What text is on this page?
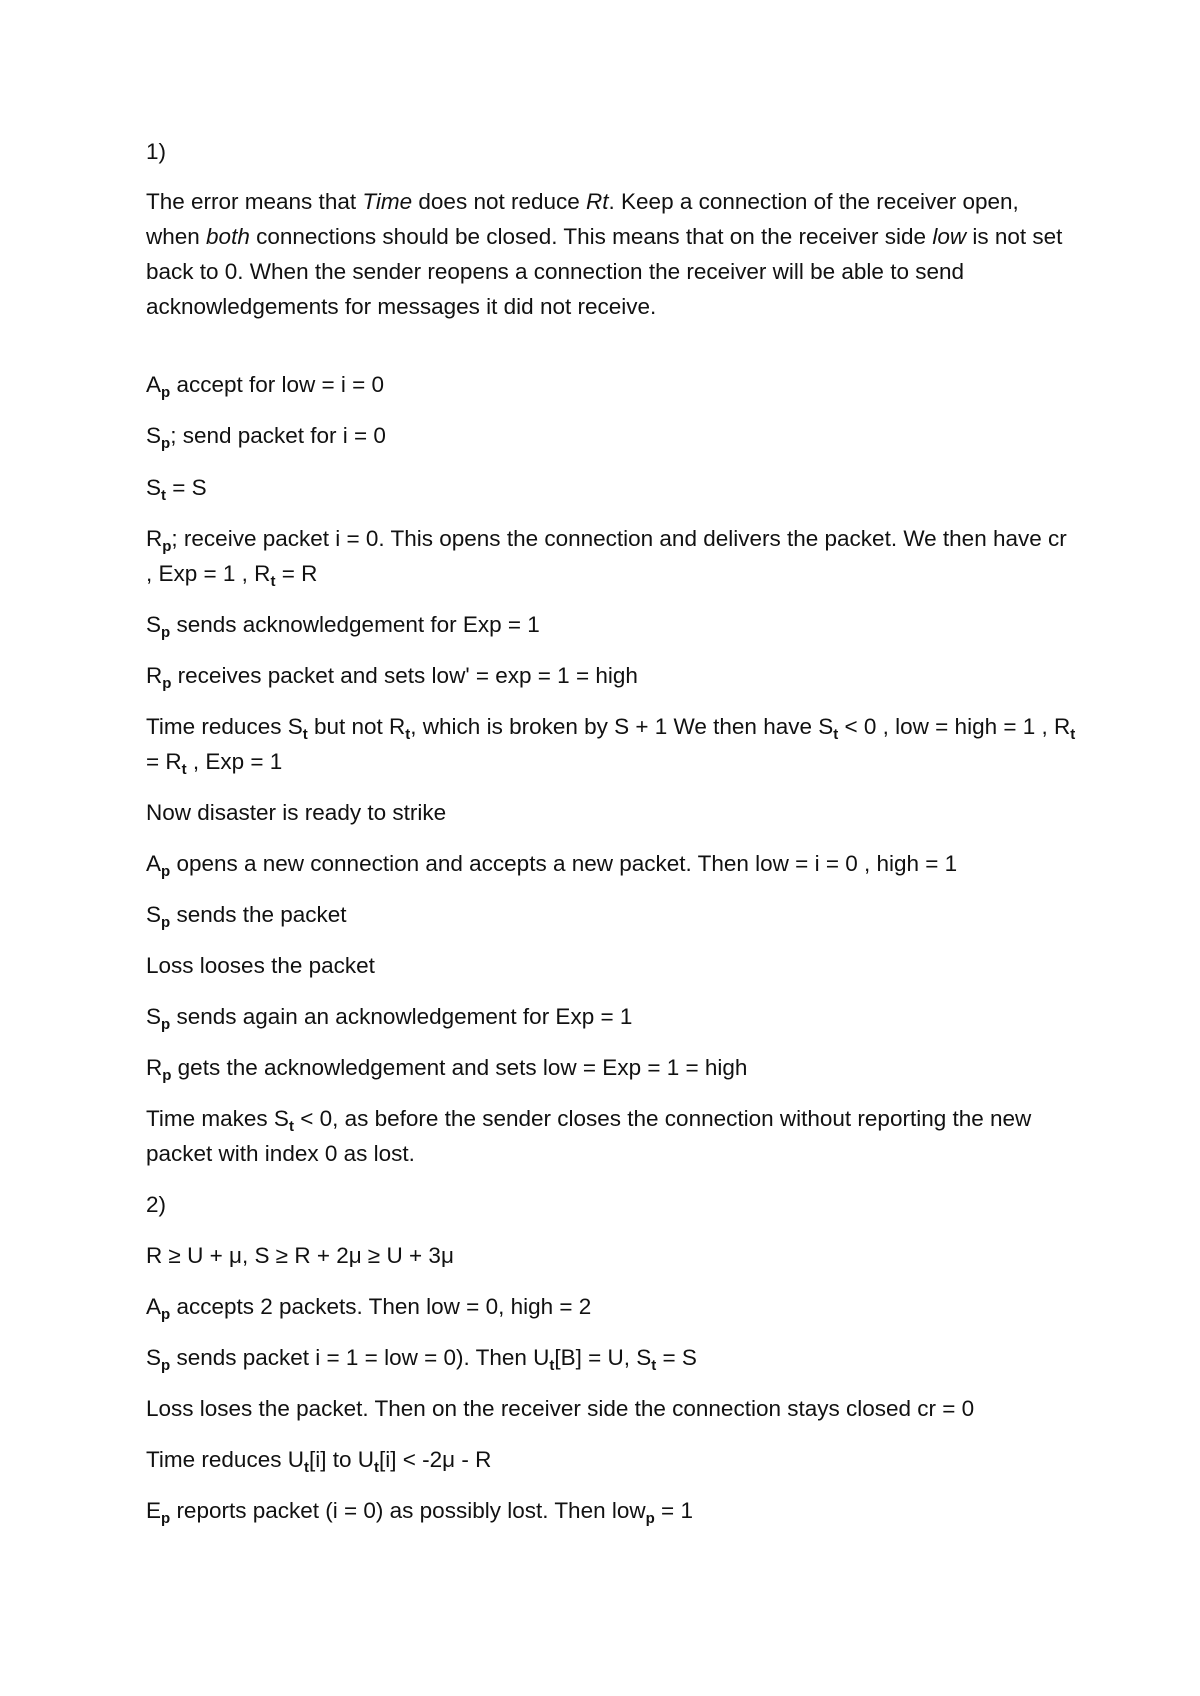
1)

The error means that Time does not reduce Rt. Keep a connection of the receiver open, when both connections should be closed. This means that on the receiver side low is not set back to 0. When the sender reopens a connection the receiver will be able to send acknowledgements for messages it did not receive.

$A_p$ accept for low = i = 0

$S_p$; send packet for i = 0

$S_t = S$

$R_p$; receive packet i = 0. This opens the connection and delivers the packet. We then have cr , Exp = 1 , $R_t = R$

$S_p$ sends acknowledgement for Exp = 1

$R_p$ receives packet and sets low' = exp = 1 = high

Time reduces $S_t$ but not $R_t$, which is broken by S + 1 We then have $S_t < 0$ , low = high = 1 , $R_t = R_t$ , Exp = 1

Now disaster is ready to strike

$A_p$ opens a new connection and accepts a new packet. Then low = i = 0 , high = 1

$S_p$ sends the packet

Loss looses the packet

$S_p$ sends again an acknowledgement for Exp = 1

$R_p$ gets the acknowledgement and sets low = Exp = 1 = high

Time makes $S_t < 0$, as before the sender closes the connection without reporting the new packet with index 0 as lost.

2)

R ≥ U + μ, S ≥ R + 2μ ≥ U + 3μ

$A_p$ accepts 2 packets. Then low = 0, high = 2

$S_p$ sends packet i = 1 = low = 0). Then $U_t[B] = U$, $S_t = S$

Loss loses the packet. Then on the receiver side the connection stays closed cr = 0

Time reduces $U_t[i]$ to $U_t[i] < -2\mu - R$

$E_p$ reports packet (i = 0) as possibly lost. Then low$_p$ = 1
